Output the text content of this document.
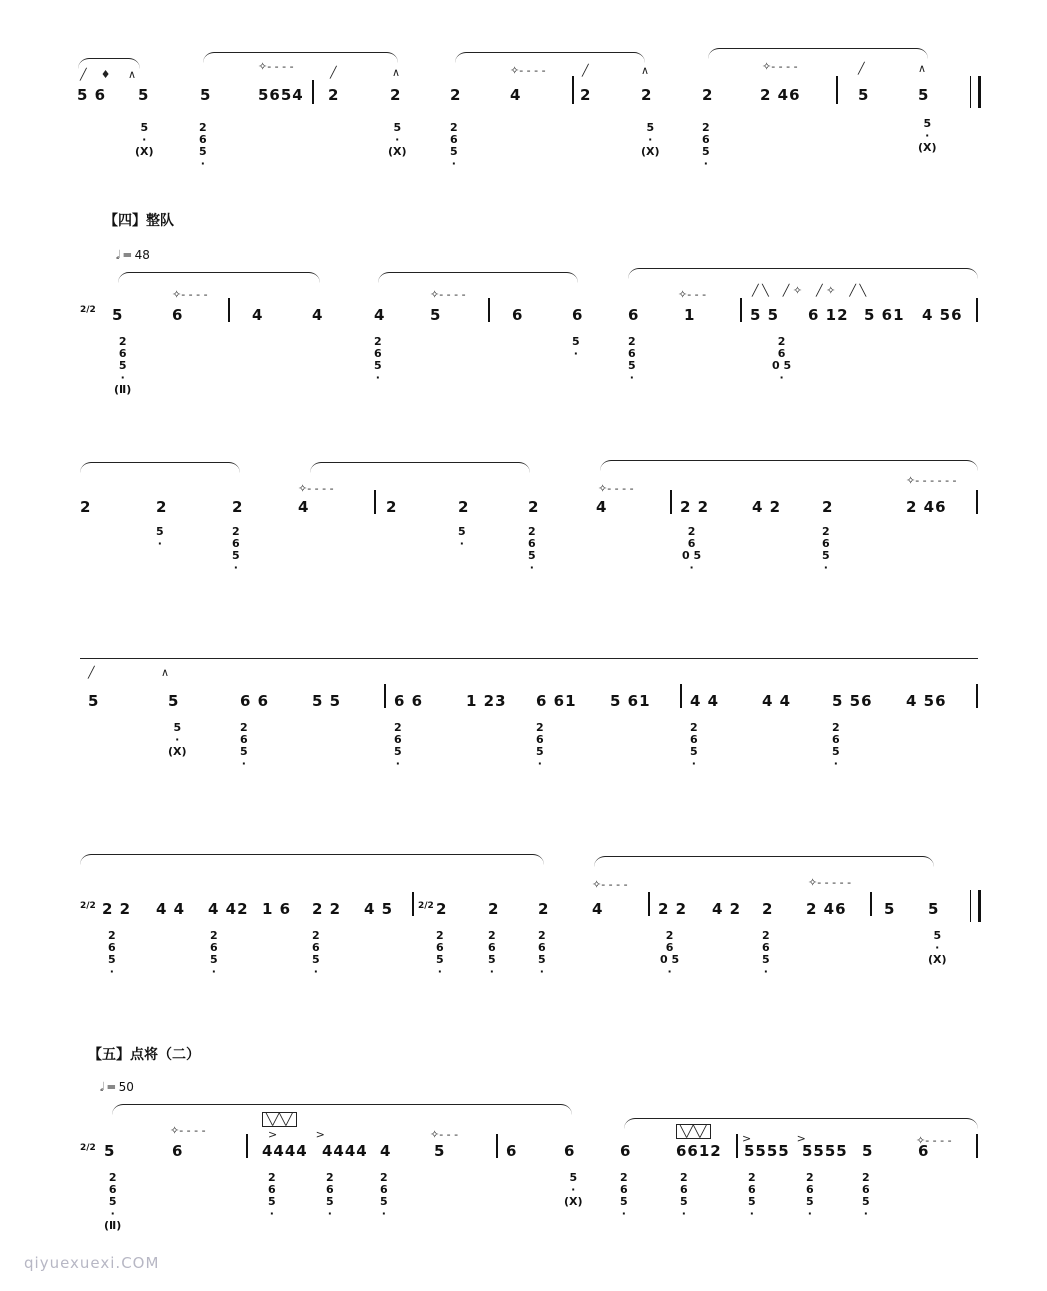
╱    ♦     ∧
✧- - - -	╱	∧	✧- - - -	╱	∧	✧- - - -	╱	∧
5 6 5	5	5654 2	2	2	4	2	2	2	2 46	5	5
5
·
(X)
2
6
5
·
5
·
(X)
2
6
5
·
5
·
(X)
2
6
5
·
5
·
(X)
【四】整队
𝅗𝅥 ═ 48
2/2
✧- - - -	✧- - - -	✧- - -	╱ ╲    ╱ ✧    ╱ ✧    ╱ ╲
5	6	4	4	4	5	6	6	6	1	5 5 6 12 5 61 4 56
2
6
5
·
(Ⅱ)
2
6
5
·
5
·
2
6
5
·
2
6
0 5
·
✧- - - -	✧- - - -
✧- - - - - -
2	2	2	4	2	2	2	4	2 2	4 2	2	2 46
5
·
2
6
5
·
5
·
2
6
5
·
2
6
0 5
·
2
6
5
·
╱                   ∧
5	5	6 6	5 5	6 6	1 23 6 61 5 61	4 4	4 4	5 56 4 56
5
·
(X)
2
6
5
·
2
6
5
·
2
6
5
·
2
6
5
·
2
6
5
·
2/2	2/2
✧- - - -	✧- - - - -
2 2 4 4 4 42 1 6 2 2 4 5	2	2	2	4	2 2 4 2 2 2 46 5 5
2
6
5
·
2
6
5
·
2
6
5
·
2
6
5
·
2
6
5
·
2
6
5
·
2
6
0 5
·
2
6
5
·
5
·
(X)
【五】点将（二）
𝅗𝅥 ═ 50
2/2
✧- - - -
╲╱╲╱
>           >	✧- - -	╲╱╲╱
>             >	✧- - - -
5	6	4444 4444 4	5	6	6	6	6612 5555 5555 5	6
2
6
5
·
(Ⅱ)
2
6
5
·
2
6
5
·
2
6
5
·
5
·
(X)
2
6
5
·
2
6
5
·
2
6
5
·
2
6
5
·
2
6
5
·
qiyuexuexi.COM
